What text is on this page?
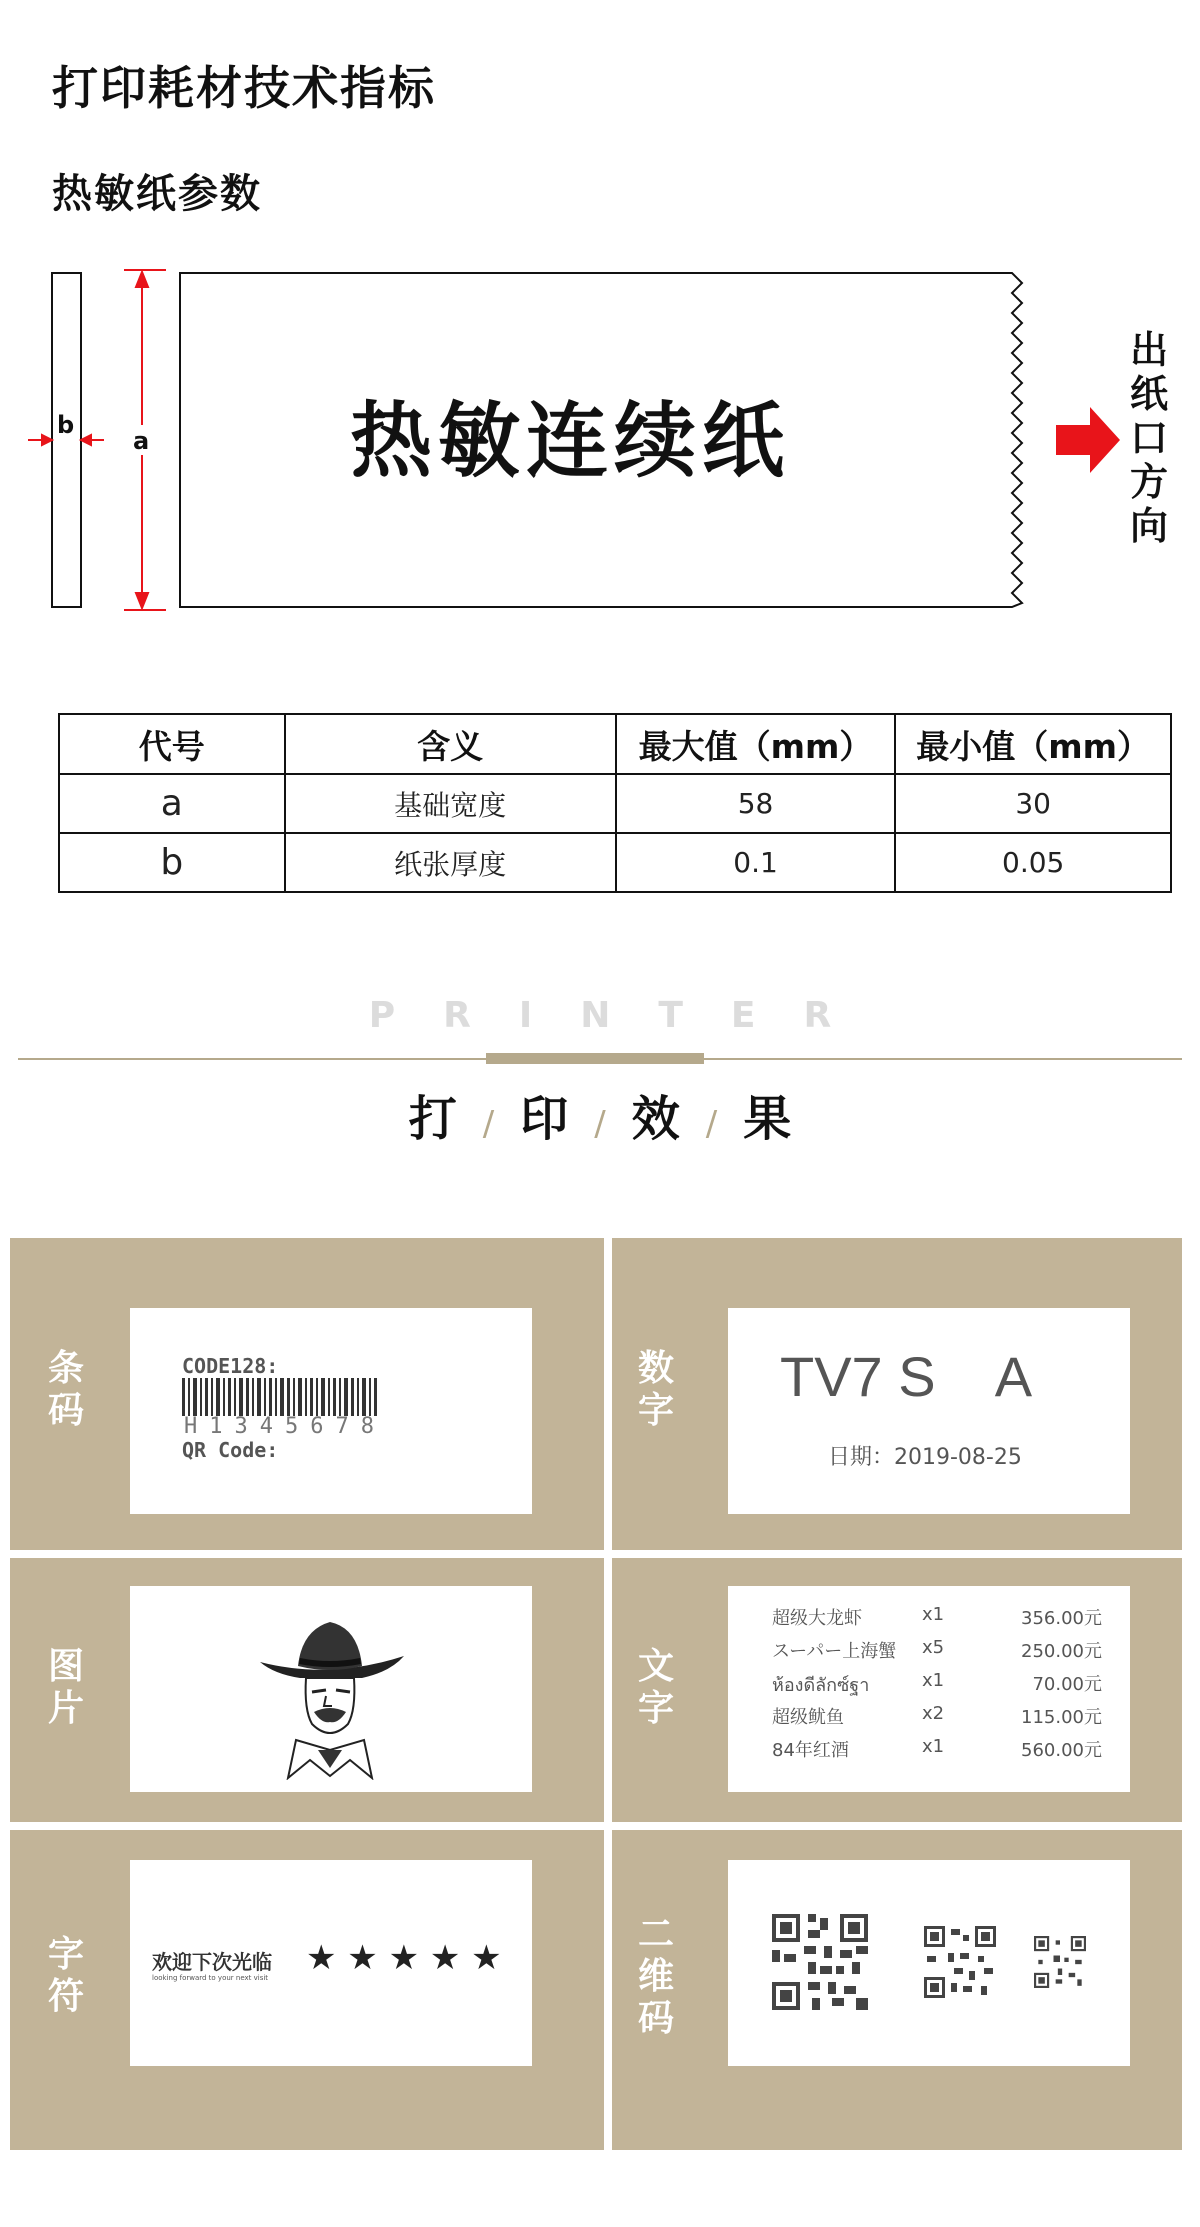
打印耗材技术指标
热敏纸参数
b
a 热敏连续纸
出纸口方向
代号	含义	最大值（mm）	最小值（mm）
a	基础宽度	58	30
b	纸张厚度	0.1	0.05
PRINTER
打 / 印 / 效 / 果
条码
CODE128:
H1345678
QR Code:
数字
TV7 S    A
日期：2019-08-25
图片
文字
超级大龙虾	x1	356.00元
スーパー上海蟹	x5	250.00元
ห้องดีลักซ์ฐา	x1	70.00元
超级鱿鱼	x2	115.00元
84年红酒	x1	560.00元
字符
欢迎下次光临
looking forward to your next visit ★ ★ ★ ★ ★
二维码
